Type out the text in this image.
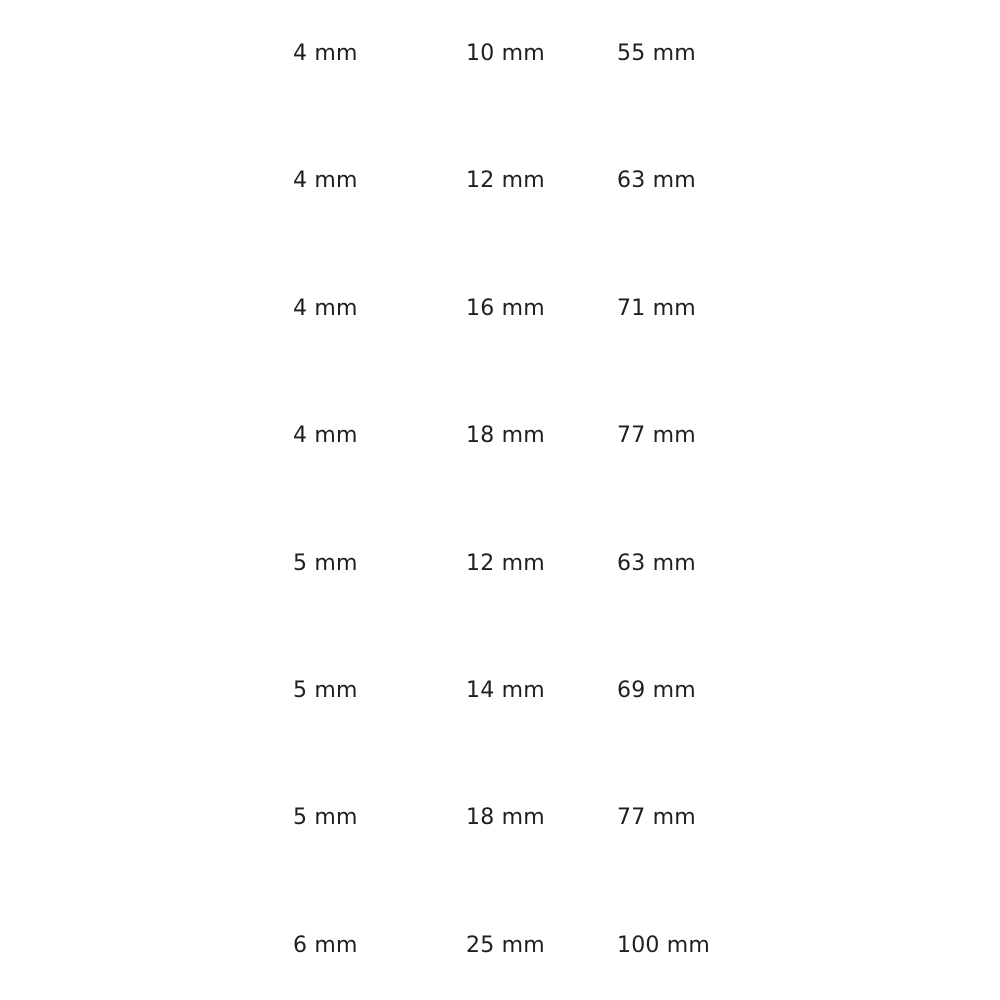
4 mm	10 mm	55 mm
4 mm	12 mm	63 mm
4 mm	16 mm	71 mm
4 mm	18 mm	77 mm
5 mm	12 mm	63 mm
5 mm	14 mm	69 mm
5 mm	18 mm	77 mm
6 mm	25 mm	100 mm
